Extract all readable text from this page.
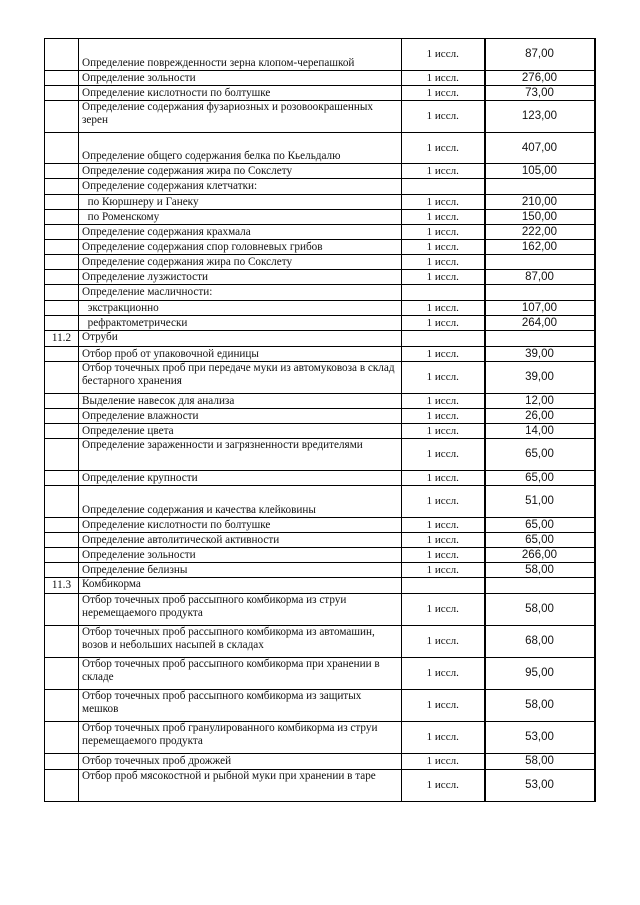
	Определение поврежденности зерна клопом-черепашкой	1 иссл.	87,00
	Определение зольности	1 иссл.	276,00
	Определение кислотности по болтушке	1 иссл.	73,00
	Определение содержания фузариозных и розовоокрашенных зерен	1 иссл.	123,00
	Определение общего содержания белка по Кьельдалю	1 иссл.	407,00
	Определение содержания жира по Сокслету	1 иссл.	105,00
	Определение содержания клетчатки:		
	по Кюршнеру и Ганеку	1 иссл.	210,00
	по Роменскому	1 иссл.	150,00
	Определение содержания крахмала	1 иссл.	222,00
	Определение содержания спор головневых грибов	1 иссл.	162,00
	Определение содержания жира по Сокслету	1 иссл.	
	Определение лузжистости	1 иссл.	87,00
	Определение масличности:		
	экстракционно	1 иссл.	107,00
	рефрактометрически	1 иссл.	264,00
11.2	Отруби		
	Отбор проб от упаковочной единицы	1 иссл.	39,00
	Отбор точечных проб при передаче муки из автомуковоза в склад бестарного хранения	1 иссл.	39,00
	Выделение навесок для анализа	1 иссл.	12,00
	Определение влажности	1 иссл.	26,00
	Определение цвета	1 иссл.	14,00
	Определение зараженности и загрязненности вредителями	1 иссл.	65,00
	Определение крупности	1 иссл.	65,00
	Определение содержания и качества клейковины	1 иссл.	51,00
	Определение кислотности по болтушке	1 иссл.	65,00
	Определение автолитической активности	1 иссл.	65,00
	Определение зольности	1 иссл.	266,00
	Определение белизны	1 иссл.	58,00
11.3	Комбикорма		
	Отбор точечных проб рассыпного комбикорма из струи неремещаемого продукта	1 иссл.	58,00
	Отбор точечных проб рассыпного комбикорма из автомашин, возов и небольших насыпей в складах	1 иссл.	68,00
	Отбор точечных проб рассыпного комбикорма при хранении в складе	1 иссл.	95,00
	Отбор точечных проб рассыпного комбикорма из защитых мешков	1 иссл.	58,00
	Отбор точечных проб гранулированного комбикорма из струи перемещаемого продукта	1 иссл.	53,00
	Отбор точечных проб дрожжей	1 иссл.	58,00
	Отбор проб мясокостной и рыбной муки при хранении в таре	1 иссл.	53,00
